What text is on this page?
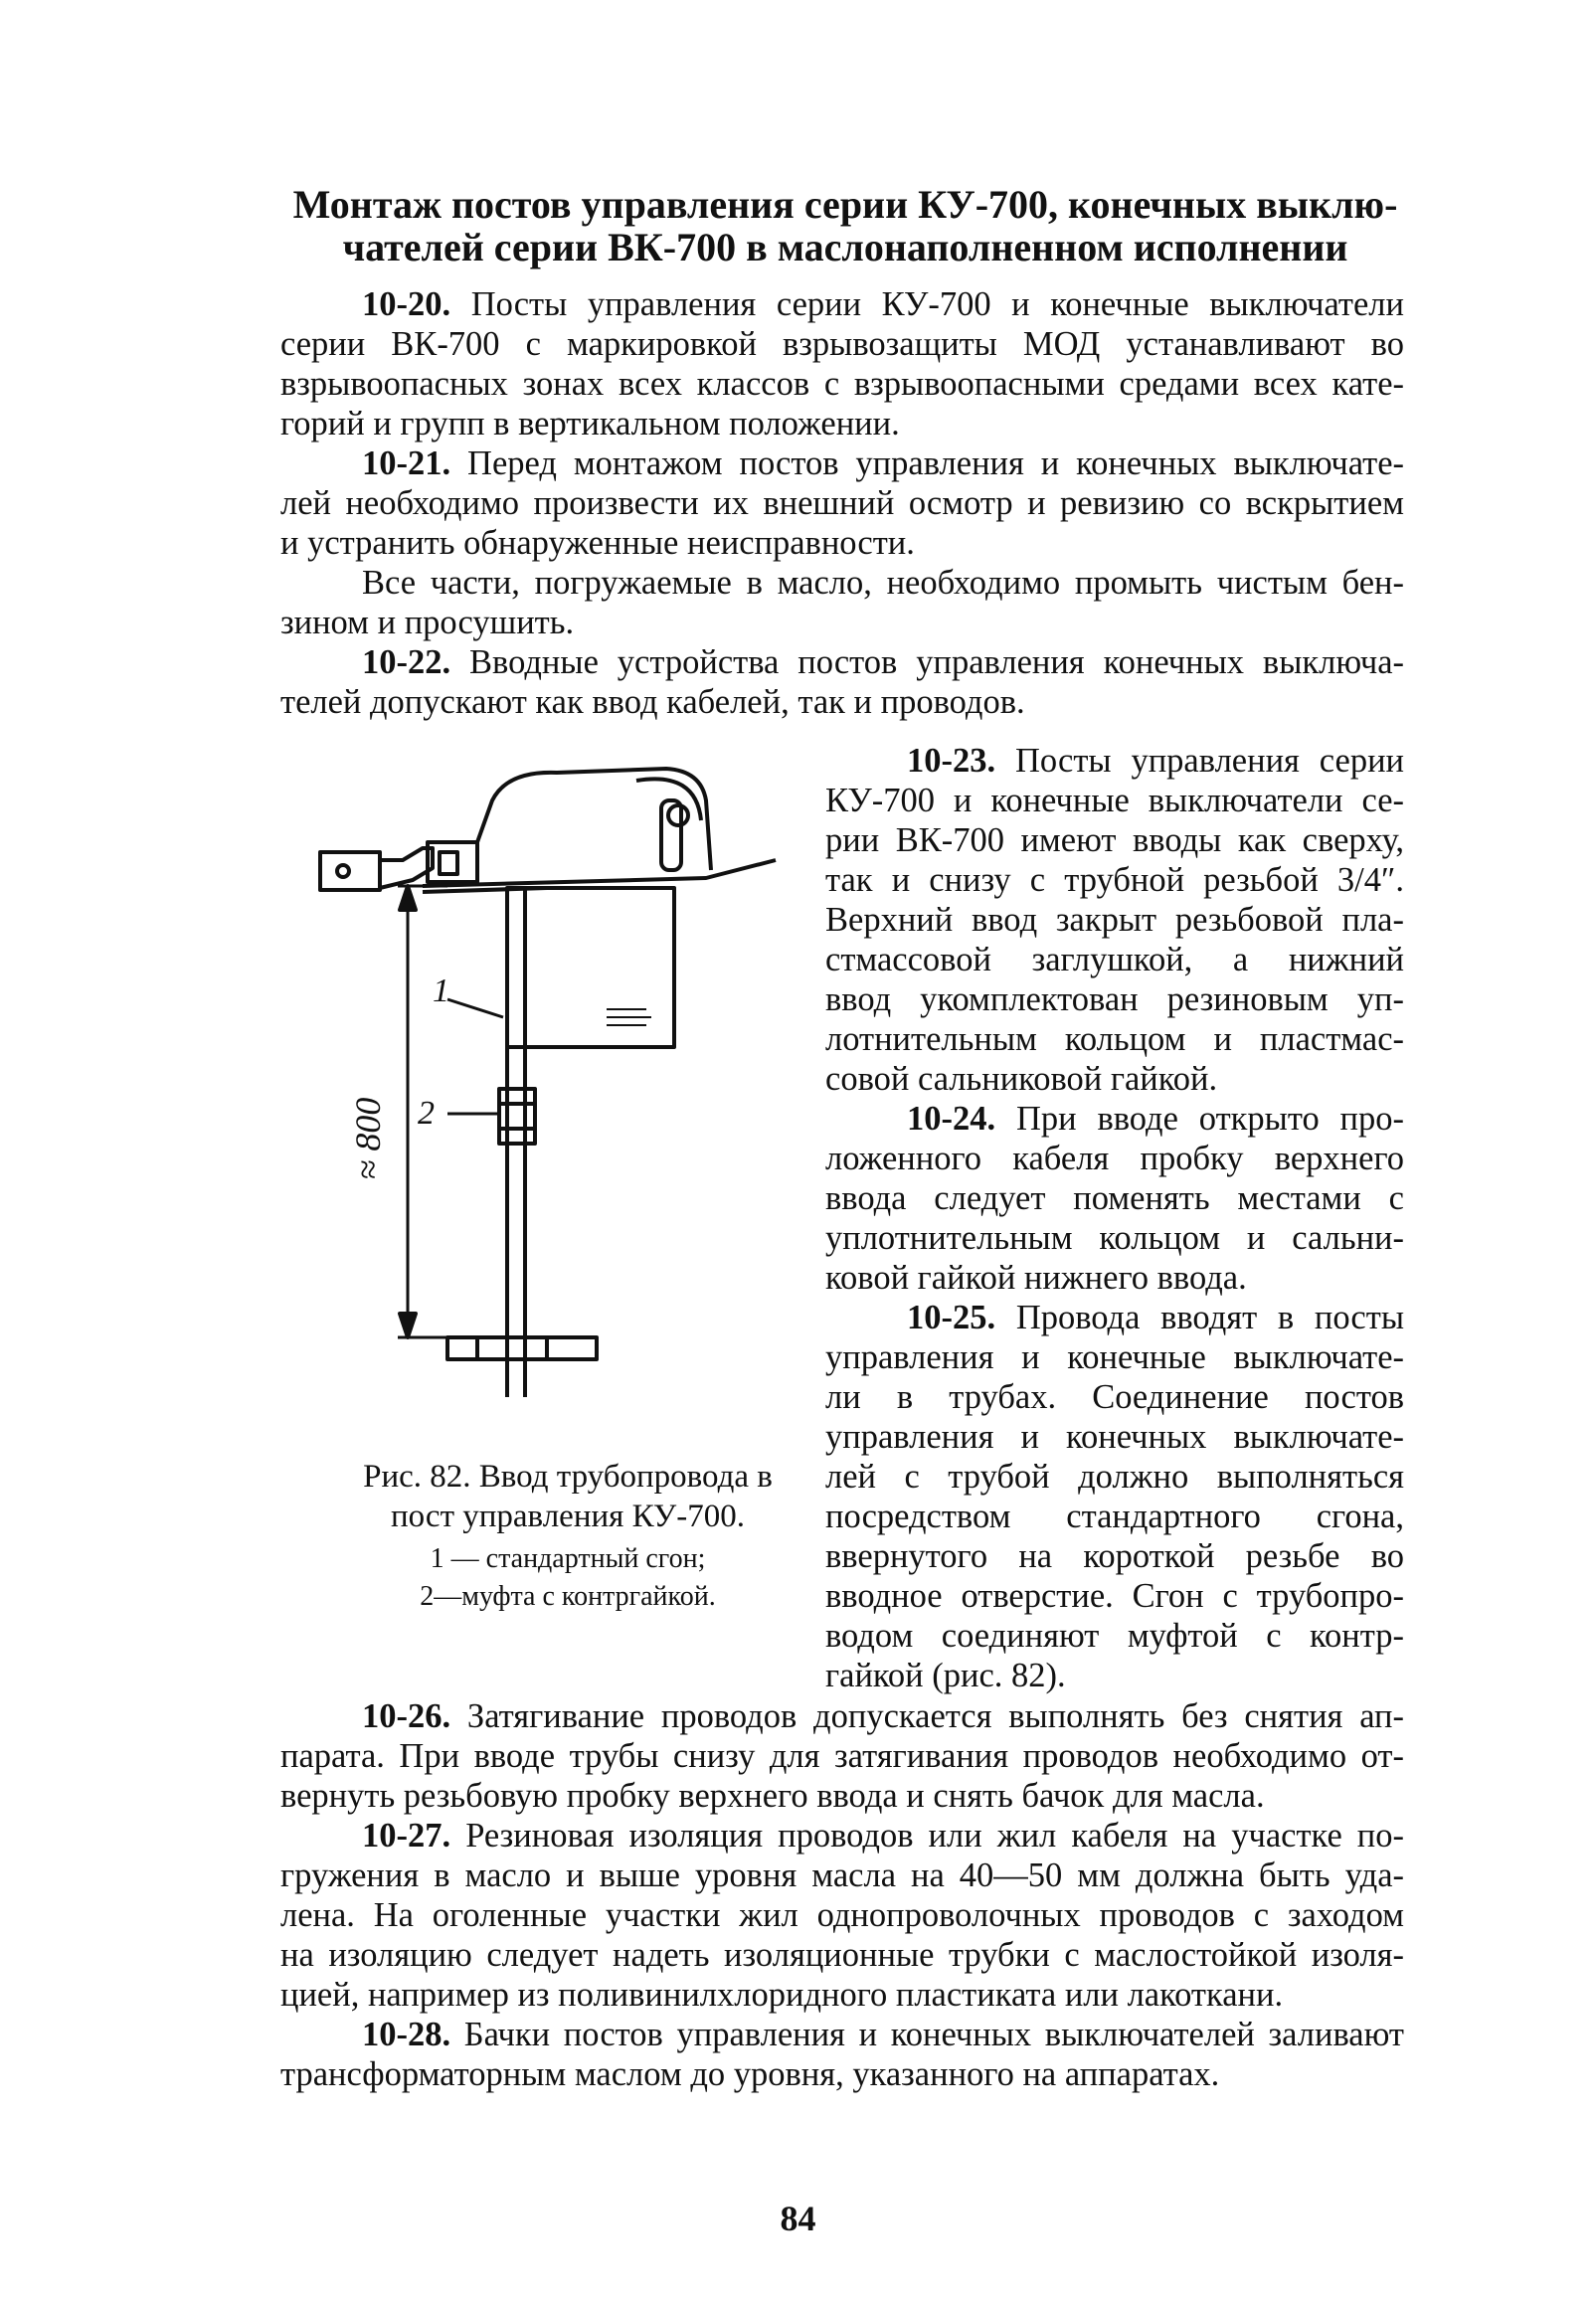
Монтаж постов управления серии КУ-700, конечных выклю-
чателей серии ВК-700 в маслонаполненном исполнении
10-20. Посты управления серии КУ-700 и конечные выключатели
серии ВК-700 с маркировкой взрывозащиты МОД устанавливают во
взрывоопасных зонах всех классов с взрывоопасными средами всех кате-
горий и групп в вертикальном положении.
10-21. Перед монтажом постов управления и конечных выключате-
лей необходимо произвести их внешний осмотр и ревизию со вскрытием
и устранить обнаруженные неисправности.
Все части, погружаемые в масло, необходимо промыть чистым бен-
зином и просушить.
10-22. Вводные устройства постов управления конечных выключа-
телей допускают как ввод кабелей, так и проводов.
10-23. Посты управления серии
КУ-700 и конечные выключатели се-
рии ВК-700 имеют вводы как сверху,
так и снизу с трубной резьбой 3/4″.
Верхний ввод закрыт резьбовой пла-
стмассовой заглушкой, а нижний
ввод укомплектован резиновым уп-
лотнительным кольцом и пластмас-
совой сальниковой гайкой.
10-24. При вводе открыто про-
ложенного кабеля пробку верхнего
ввода следует поменять местами с
уплотнительным кольцом и сальни-
ковой гайкой нижнего ввода.
10-25. Провода вводят в посты
управления и конечные выключате-
ли в трубах. Соединение постов
управления и конечных выключате-
лей с трубой должно выполняться
посредством стандартного сгона,
ввернутого на короткой резьбе во
вводное отверстие. Сгон с трубопро-
водом соединяют муфтой с контр-
гайкой (рис. 82).
1
2
≈ 800
Рис. 82. Ввод трубопровода в
пост управления КУ-700.
1 — стандартный сгон;
2—муфта с контргайкой.
10-26. Затягивание проводов допускается выполнять без снятия ап-
парата. При вводе трубы снизу для затягивания проводов необходимо от-
вернуть резьбовую пробку верхнего ввода и снять бачок для масла.
10-27. Резиновая изоляция проводов или жил кабеля на участке по-
гружения в масло и выше уровня масла на 40—50 мм должна быть уда-
лена. На оголенные участки жил однопроволочных проводов с заходом
на изоляцию следует надеть изоляционные трубки с маслостойкой изоля-
цией, например из поливинилхлоридного пластиката или лакоткани.
10-28. Бачки постов управления и конечных выключателей заливают
трансформаторным маслом до уровня, указанного на аппаратах.
84
